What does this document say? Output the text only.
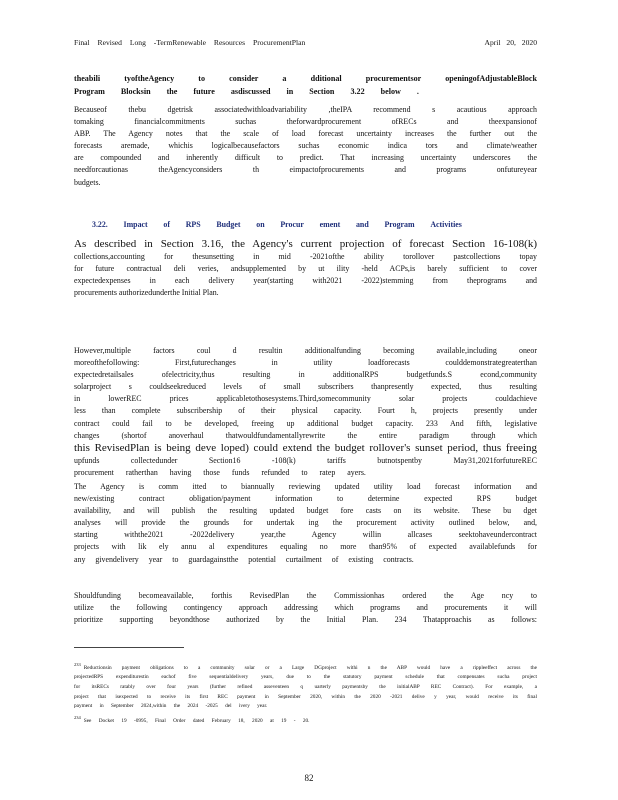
Final Revised Long -TermRenewable Resources ProcurementPlan	April 20, 2020

theabili tyoftheAgency to consider a dditional procurementsor openingofAdjustableBlock

Program Blocksin the future asdiscussed in Section 3.22 below .

Becauseof thebu dgetrisk associatedwithloadvariability ,theIPA recommend s acautious approach

tomaking financialcommitments suchas theforwardprocurement ofRECs and theexpansionof

ABP. The Agency notes that the scale of load forecast uncertainty increases the further out the

forecasts aremade, whichis logicalbecausefactors suchas economic indica tors and climate/weather

are compounded and inherently difficult to predict. That increasing uncertainty underscores the

needforcautionas theAgencyconsiders th eimpactofprocurements and programs onfutureyear

budgets.

3.22. Impact of RPS Budget on Procur ement and Program Activities

As described in Section 3.16, the Agency's current projection of forecast Section 16-108(k)

collections,accounting for thesunsetting in mid -2021ofthe ability torollover pastcollections topay

for future contractual deli veries, andsupplemented by ut ility -held ACPs,is barely sufficient to cover

expectedexpenses in each delivery year(starting with2021 -2022)stemming from theprograms and

procurements authorizedunderthe Initial Plan.

However,multiple factors coul d resultin additionalfunding becoming available,including oneor

moreofthefollowing: First,futurechanges in utility loadforecasts coulddemonstrategreaterthan

expectedretailsales ofelectricity,thus resulting in additionalRPS budgetfunds.S econd,community

solarproject s couldseekreduced levels of small subscribers thanpresently expected, thus resulting

in lowerREC prices applicabletothosesystems.Third,somecommunity solar projects couldachieve

less than complete subscribership of their physical capacity. Fourt h, projects presently under

contract could fail to be developed, freeing up additional budget capacity. 233 And fifth, legislative

changes (shortof anoverhaul thatwouldfundamentallyrewrite the entire paradigm through which

this RevisedPlan is being deve loped) could extend the budget rollover's sunset period, thus freeing

upfunds collectedunder Section16 -108(k) tariffs butnotspentby May31,2021forfutureREC

procurement ratherthan having those funds refunded to ratep ayers.

The Agency is comm itted to biannually reviewing updated utility load forecast information and

new/existing contract obligation/payment information to determine expected RPS budget

availability, and will publish the resulting updated budget fore casts on its website. These bu dget

analyses will provide the grounds for undertak ing the procurement activity outlined below, and,

starting withthe2021 -2022delivery year,the Agency willin allcases seektohaveundercontract

projects with lik ely annu al expenditures equaling no more than95% of expected availablefunds for

any givendelivery year to guardagainstthe potential curtailment of existing contracts.

Shouldfunding becomeavailable, forthis RevisedPlan the Commissionhas ordered the Age ncy to

utilize the following contingency approach addressing which programs and procurements it will

prioritize supporting beyondthose authorized by the Initial Plan. 234 Thatapproachis as follows:

$^{233}$Reductionsin payment obligations to a community solar or a Large DGproject withi n the ABP would have a rippleeffect across the

projectedRPS expenditurestin eachof five sequentialdelivery years, due to the statutory payment schedule that compensates sucha project

for itsRECs ratably over four years (further refined asseventeen q uarterly paymentsby the initialABP REC Contract). For example, a

project that isexpected to receive its first REC payment in September 2020, within the 2020 -2021 delive y year, would receive its final

payment in September 2024,within the 2024 -2025 del ivery year.

$^{234}$See Docket 19 -0995, Final Order dated February 18, 2020 at 19 - 20.

82
